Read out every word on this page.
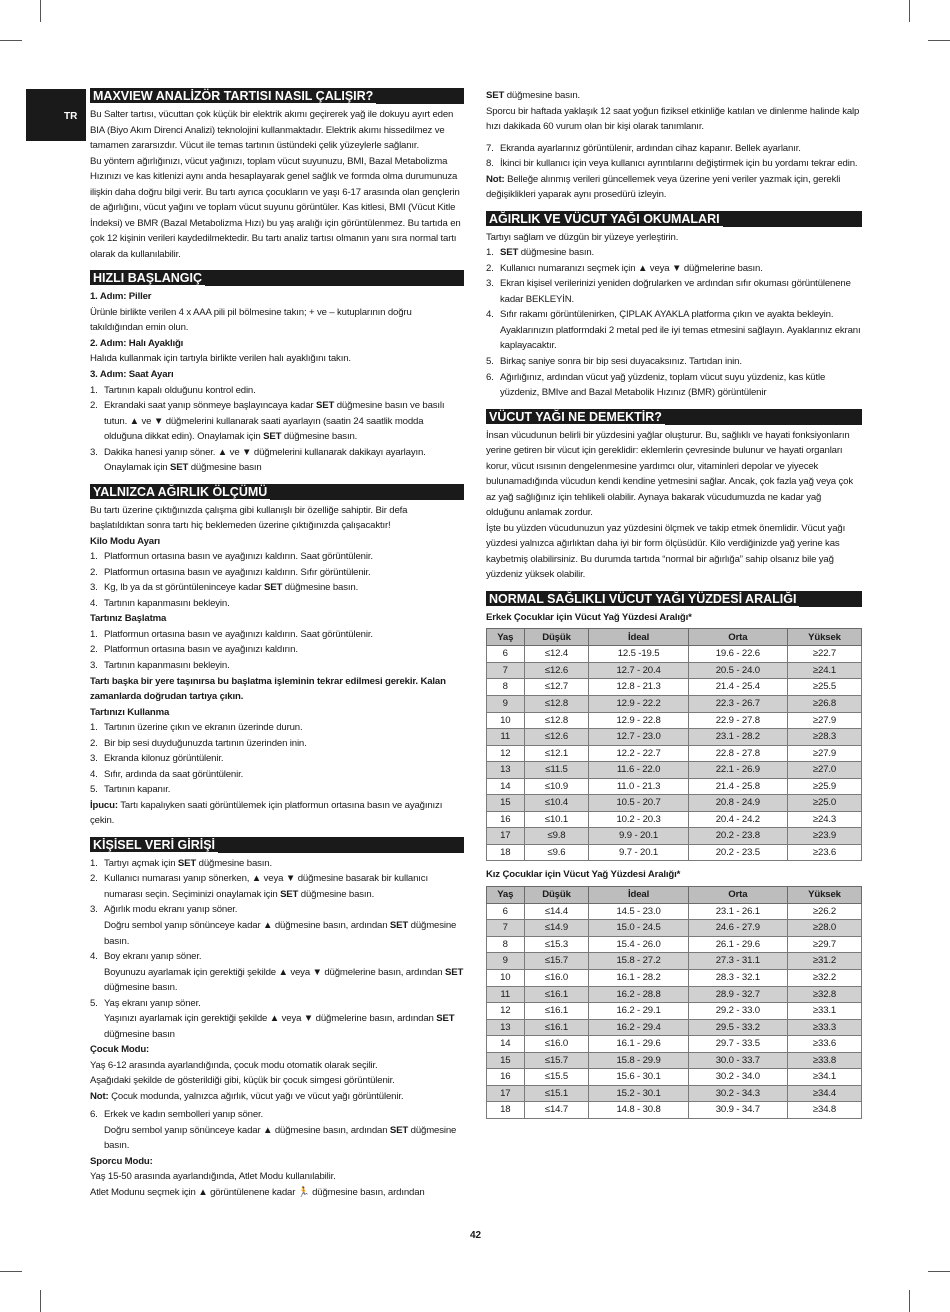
TR
MAXVIEW ANALİZÖR TARTISI NASIL ÇALIŞIR?

Bu Salter tartısı, vücuttan çok küçük bir elektrik akımı geçirerek yağ ile dokuyu ayırt eden BIA (Biyo Akım Direnci Analizi) teknolojini kullanmaktadır. Elektrik akımı hissedilmez ve tamamen zararsızdır. Vücut ile temas tartının üstündeki çelik yüzeylerle sağlanır.

Bu yöntem ağırlığınızı, vücut yağınızı, toplam vücut suyunuzu, BMI, Bazal Metabolizma Hızınızı ve kas kitlenizi aynı anda hesaplayarak genel sağlık ve formda olma durumunuza ilişkin daha doğru bilgi verir. Bu tartı ayrıca çocukların ve yaşı 6-17 arasında olan gençlerin de ağırlığını, vücut yağını ve toplam vücut suyunu görüntüler. Kas kitlesi, BMI (Vücut Kitle İndeksi) ve BMR (Bazal Metabolizma Hızı) bu yaş aralığı için görüntülenmez. Bu tartıda en çok 12 kişinin verileri kaydedilmektedir. Bu tartı analiz tartısı olmanın yanı sıra normal tartı olarak da kullanılabilir.

HIZLI BAŞLANGIÇ

1. Adım: Piller

Ürünle birlikte verilen 4 x AAA pili pil bölmesine takın; + ve – kutuplarının doğru takıldığından emin olun.

2. Adım: Halı Ayaklığı

Halıda kullanmak için tartıyla birlikte verilen halı ayaklığını takın.

3. Adım: Saat Ayarı

1. Tartının kapalı olduğunu kontrol edin.
2. Ekrandaki saat yanıp sönmeye başlayıncaya kadar SET düğmesine basın ve basılı tutun. ▲ ve ▼ düğmelerini kullanarak saati ayarlayın (saatin 24 saatlik modda olduğuna dikkat edin). Onaylamak için SET düğmesine basın.
3. Dakika hanesi yanıp söner. ▲ ve ▼ düğmelerini kullanarak dakikayı ayarlayın. Onaylamak için SET düğmesine basın
YALNIZCA AĞIRLIK ÖLÇÜMÜ

Bu tartı üzerine çıktığınızda çalışma gibi kullanışlı bir özelliğe sahiptir. Bir defa başlatıldıktan sonra tartı hiç beklemeden üzerine çıktığınızda çalışacaktır!

Kilo Modu Ayarı

1. Platformun ortasına basın ve ayağınızı kaldırın. Saat görüntülenir.
2. Platformun ortasına basın ve ayağınızı kaldırın. Sıfır görüntülenir.
3. Kg, lb ya da st görüntüleninceye kadar SET düğmesine basın.
4. Tartının kapanmasını bekleyin.

Tartınız Başlatma

1. Platformun ortasına basın ve ayağınızı kaldırın. Saat görüntülenir.
2. Platformun ortasına basın ve ayağınızı kaldırın.
3. Tartının kapanmasını bekleyin.

Tartı başka bir yere taşınırsa bu başlatma işleminin tekrar edilmesi gerekir. Kalan zamanlarda doğrudan tartıya çıkın.

Tartınızı Kullanma

1. Tartının üzerine çıkın ve ekranın üzerinde durun.
2. Bir bip sesi duyduğunuzda tartının üzerinden inin.
3. Ekranda kilonuz görüntülenir.
4. Sıfır, ardında da saat görüntülenir.
5. Tartının kapanır.

İpucu: Tartı kapalıyken saati görüntülemek için platformun ortasına basın ve ayağınızı çekin.

KİŞİSEL VERİ GİRİŞİ
1. Tartıyı açmak için SET düğmesine basın.
2. Kullanıcı numarası yanıp sönerken, ▲ veya ▼ düğmesine basarak bir kullanıcı numarası seçin. Seçiminizi onaylamak için SET düğmesine basın.
3. Ağırlık modu ekranı yanıp söner.
Doğru sembol yanıp sönünceye kadar ▲ düğmesine basın, ardından SET düğmesine basın.
4. Boy ekranı yanıp söner.
Boyunuzu ayarlamak için gerektiği şekilde ▲ veya ▼ düğmelerine basın, ardından SET düğmesine basın.
5. Yaş ekranı yanıp söner.
Yaşınızı ayarlamak için gerektiği şekilde ▲ veya ▼ düğmelerine basın, ardından SET düğmesine basın

Çocuk Modu:

Yaş 6-12 arasında ayarlandığında, çocuk modu otomatik olarak seçilir.

Aşağıdaki şekilde de gösterildiği gibi, küçük bir çocuk simgesi görüntülenir.

Not: Çocuk modunda, yalnızca ağırlık, vücut yağı ve vücut yağı görüntülenir.

6. Erkek ve kadın sembolleri yanıp söner.
Doğru sembol yanıp sönünceye kadar ▲ düğmesine basın, ardından SET düğmesine basın.

Sporcu Modu:

Yaş 15-50 arasında ayarlandığında, Atlet Modu kullanılabilir.

Atlet Modunu seçmek için ▲ görüntülenene kadar 🏃 düğmesine basın, ardından

SET düğmesine basın.

Sporcu bir haftada yaklaşık 12 saat yoğun fiziksel etkinliğe katılan ve dinlenme halinde kalp hızı dakikada 60 vurum olan bir kişi olarak tanımlanır.

7. Ekranda ayarlarınız görüntülenir, ardından cihaz kapanır. Bellek ayarlanır.
8. İkinci bir kullanıcı için veya kullanıcı ayrıntılarını değiştirmek için bu yordamı tekrar edin.

Not: Belleğe alınmış verileri güncellemek veya üzerine yeni veriler yazmak için, gerekli değişiklikleri yaparak aynı prosedürü izleyin.

AĞIRLIK VE VÜCUT YAĞI OKUMALARI

Tartıyı sağlam ve düzgün bir yüzeye yerleştirin.

1. SET düğmesine basın.
2. Kullanıcı numaranızı seçmek için ▲ veya ▼ düğmelerine basın.
3. Ekran kişisel verilerinizi yeniden doğrularken ve ardından sıfır okuması görüntülenene kadar BEKLEYİN.
4. Sıfır rakamı görüntülenirken, ÇIPLAK AYAKLA platforma çıkın ve ayakta bekleyin. Ayaklarınızın platformdaki 2 metal ped ile iyi temas etmesini sağlayın. Ayaklarınız ekranı kaplayacaktır.
5. Birkaç saniye sonra bir bip sesi duyacaksınız. Tartıdan inin.
6. Ağırlığınız, ardından vücut yağ yüzdeniz, toplam vücut suyu yüzdeniz, kas kütle yüzdeniz, BMIve and Bazal Metabolik Hızınız (BMR) görüntülenir
VÜCUT YAĞI NE DEMEKTİR?

İnsan vücudunun belirli bir yüzdesini yağlar oluşturur. Bu, sağlıklı ve hayati fonksiyonların yerine getiren bir vücut için gereklidir: eklemlerin çevresinde bulunur ve hayati organları korur, vücut ısısının dengelenmesine yardımcı olur, vitaminleri depolar ve yiyecek bulunamadığında vücudun kendi kendine yetmesini sağlar. Ancak, çok fazla yağ veya çok az yağ sağlığınız için tehlikeli olabilir. Aynaya bakarak vücudumuzda ne kadar yağ olduğunu anlamak zordur.

İşte bu yüzden vücudunuzun yaz yüzdesini ölçmek ve takip etmek önemlidir. Vücut yağı yüzdesi yalnızca ağırlıktan daha iyi bir form ölçüsüdür. Kilo verdiğinizde yağ yerine kas kaybetmiş olabilirsiniz. Bu durumda tartıda “normal bir ağırlığa” sahip olsanız bile yağ yüzdeniz yüksek olabilir.

NORMAL SAĞLIKLI VÜCUT YAĞI YÜZDESİ ARALIĞI

Erkek Çocuklar için Vücut Yağ Yüzdesi Aralığı*

Yaş	Düşük	İdeal	Orta	Yüksek
6	≤12.4	12.5 -19.5	19.6 - 22.6	≥22.7
7	≤12.6	12.7 - 20.4	20.5 - 24.0	≥24.1
8	≤12.7	12.8 - 21.3	21.4 - 25.4	≥25.5
9	≤12.8	12.9 - 22.2	22.3 - 26.7	≥26.8
10	≤12.8	12.9 - 22.8	22.9 - 27.8	≥27.9
11	≤12.6	12.7 - 23.0	23.1 - 28.2	≥28.3
12	≤12.1	12.2 - 22.7	22.8 - 27.8	≥27.9
13	≤11.5	11.6 - 22.0	22.1 - 26.9	≥27.0
14	≤10.9	11.0 - 21.3	21.4 - 25.8	≥25.9
15	≤10.4	10.5 - 20.7	20.8 - 24.9	≥25.0
16	≤10.1	10.2 - 20.3	20.4 - 24.2	≥24.3
17	≤9.8	9.9 - 20.1	20.2 - 23.8	≥23.9
18	≤9.6	9.7 - 20.1	20.2 - 23.5	≥23.6

Kız Çocuklar için Vücut Yağ Yüzdesi Aralığı*

Yaş	Düşük	İdeal	Orta	Yüksek
6	≤14.4	14.5 - 23.0	23.1 - 26.1	≥26.2
7	≤14.9	15.0 - 24.5	24.6 - 27.9	≥28.0
8	≤15.3	15.4 - 26.0	26.1 - 29.6	≥29.7
9	≤15.7	15.8 - 27.2	27.3 - 31.1	≥31.2
10	≤16.0	16.1 - 28.2	28.3 - 32.1	≥32.2
11	≤16.1	16.2 - 28.8	28.9 - 32.7	≥32.8
12	≤16.1	16.2 - 29.1	29.2 - 33.0	≥33.1
13	≤16.1	16.2 - 29.4	29.5 - 33.2	≥33.3
14	≤16.0	16.1 - 29.6	29.7 - 33.5	≥33.6
15	≤15.7	15.8 - 29.9	30.0 - 33.7	≥33.8
16	≤15.5	15.6 - 30.1	30.2 - 34.0	≥34.1
17	≤15.1	15.2 - 30.1	30.2 - 34.3	≥34.4
18	≤14.7	14.8 - 30.8	30.9 - 34.7	≥34.8
42
